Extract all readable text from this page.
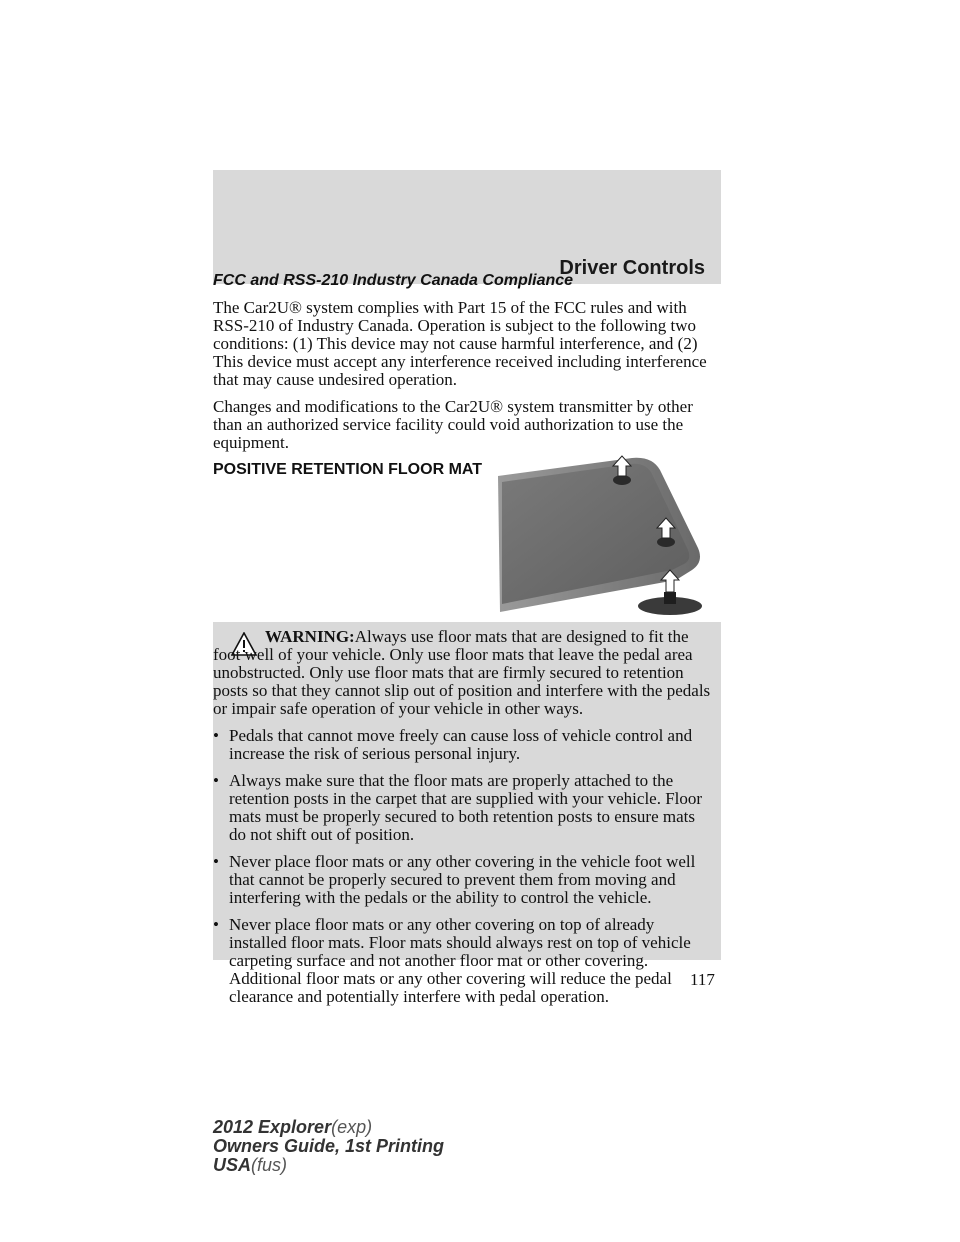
Driver Controls
FCC and RSS-210 Industry Canada Compliance

The Car2U® system complies with Part 15 of the FCC rules and with RSS-210 of Industry Canada. Operation is subject to the following two conditions: (1) This device may not cause harmful interference, and (2) This device must accept any interference received including interference that may cause undesired operation.

Changes and modifications to the Car2U® system transmitter by other than an authorized service facility could void authorization to use the equipment.

POSITIVE RETENTION FLOOR MAT

WARNING:Always use floor mats that are designed to fit the foot well of your vehicle. Only use floor mats that leave the pedal area unobstructed. Only use floor mats that are firmly secured to retention posts so that they cannot slip out of position and interfere with the pedals or impair safe operation of your vehicle in other ways.

• Pedals that cannot move freely can cause loss of vehicle control and increase the risk of serious personal injury.
• Always make sure that the floor mats are properly attached to the retention posts in the carpet that are supplied with your vehicle. Floor mats must be properly secured to both retention posts to ensure mats do not shift out of position.
• Never place floor mats or any other covering in the vehicle foot well that cannot be properly secured to prevent them from moving and interfering with the pedals or the ability to control the vehicle.
• Never place floor mats or any other covering on top of already installed floor mats. Floor mats should always rest on top of vehicle carpeting surface and not another floor mat or other covering. Additional floor mats or any other covering will reduce the pedal clearance and potentially interfere with pedal operation.
117
2012 Explorer(exp)
Owners Guide, 1st Printing
USA(fus)
